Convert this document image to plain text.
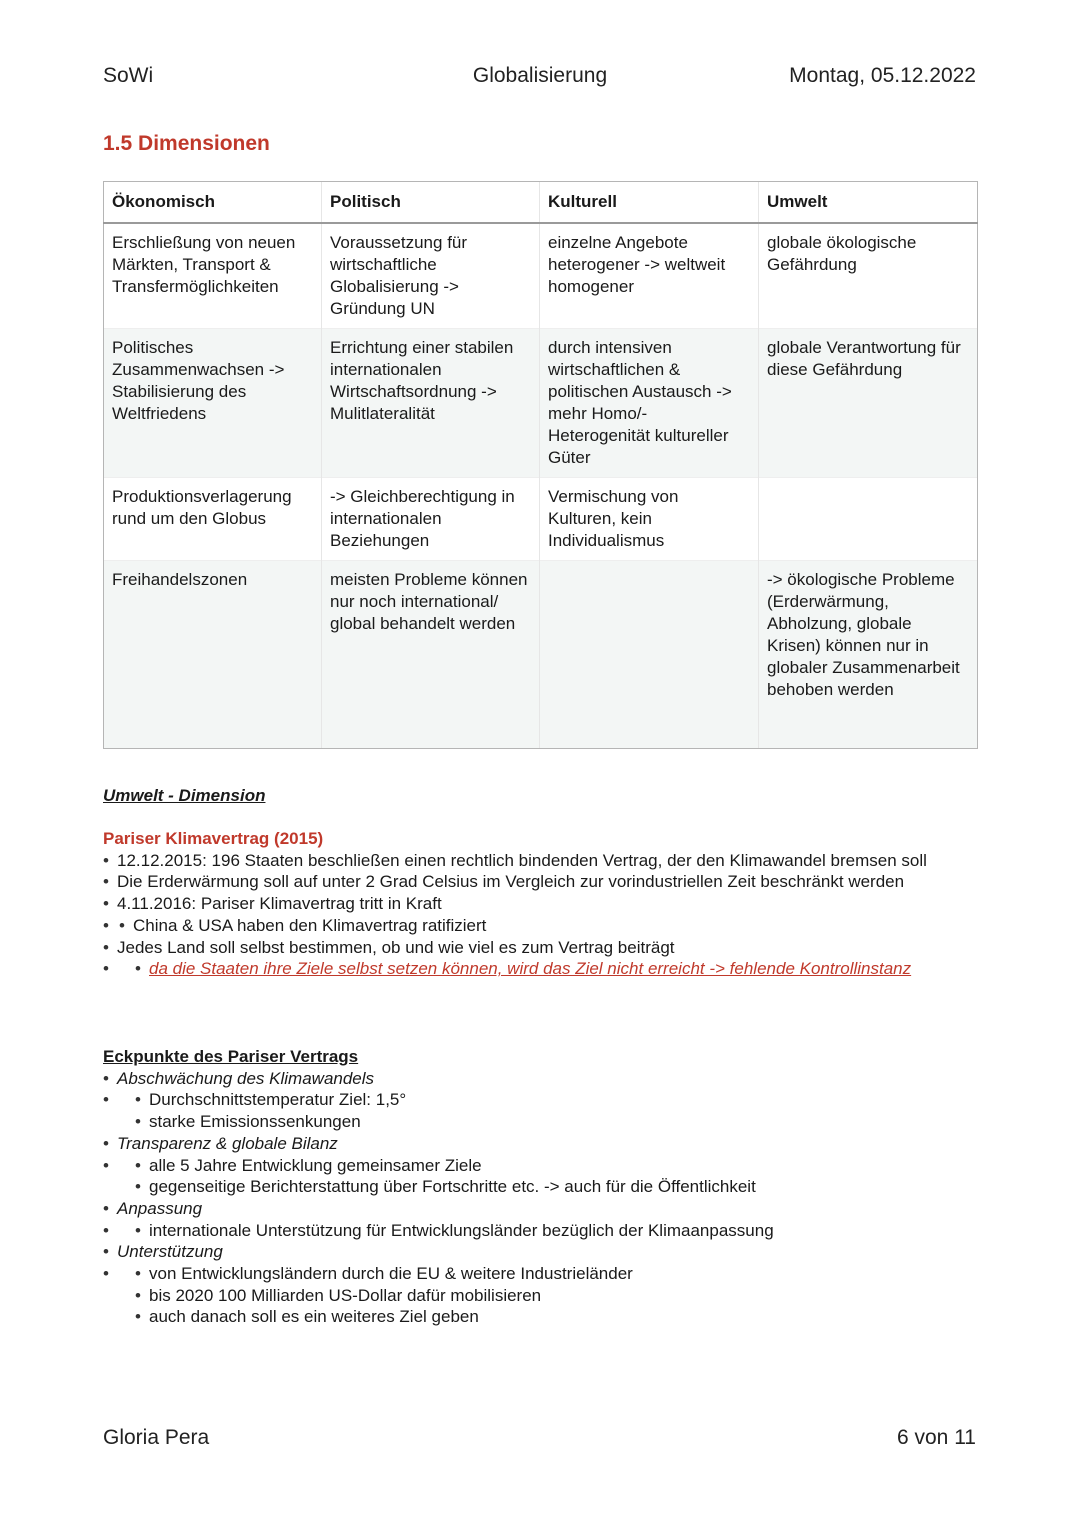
SoWi	Globalisierung	Montag, 05.12.2022
1.5 Dimensionen
Ökonomisch	Politisch	Kulturell	Umwelt
Erschließung von neuen Märkten, Transport & Transfermöglichkeiten	Voraussetzung für wirtschaftliche Globalisierung -> Gründung UN	einzelne Angebote heterogener -> weltweit homogener	globale ökologische Gefährdung
Politisches Zusammenwachsen -> Stabilisierung des Weltfriedens	Errichtung einer stabilen internationalen Wirtschaftsordnung -> Mulitlateralität	durch intensiven wirtschaftlichen & politischen Austausch -> mehr Homo/- Heterogenität kultureller Güter	globale Verantwortung für diese Gefährdung
Produktionsverlagerung rund um den Globus	-> Gleichberechtigung in internationalen Beziehungen	Vermischung von Kulturen, kein Individualismus	
Freihandelszonen	meisten Probleme können nur noch international/ global behandelt werden		-> ökologische Probleme (Erderwärmung, Abholzung, globale Krisen) können nur in globaler Zusammenarbeit behoben werden
Umwelt - Dimension
Pariser Klimavertrag (2015)
• 12.12.2015: 196 Staaten beschließen einen rechtlich bindenden Vertrag, der den Klimawandel bremsen soll
• Die Erderwärmung soll auf unter 2 Grad Celsius im Vergleich zur vorindustriellen Zeit beschränkt werden
• 4.11.2016: Pariser Klimavertrag tritt in Kraft
• • China & USA haben den Klimavertrag ratifiziert
• Jedes Land soll selbst bestimmen, ob und wie viel es zum Vertrag beiträgt
• • da die Staaten ihre Ziele selbst setzen können, wird das Ziel nicht erreicht -> fehlende Kontrollinstanz
Eckpunkte des Pariser Vertrags
• Abschwächung des Klimawandels
• • Durchschnittstemperatur Ziel: 1,5°
• starke Emissionssenkungen
• Transparenz & globale Bilanz
• • alle 5 Jahre Entwicklung gemeinsamer Ziele
• gegenseitige Berichterstattung über Fortschritte etc. -> auch für die Öffentlichkeit
• Anpassung
• • internationale Unterstützung für Entwicklungsländer bezüglich der Klimaanpassung
• Unterstützung
• • von Entwicklungsländern durch die EU & weitere Industrieländer
• bis 2020 100 Milliarden US-Dollar dafür mobilisieren
• auch danach soll es ein weiteres Ziel geben
Gloria Pera	6 von 11
